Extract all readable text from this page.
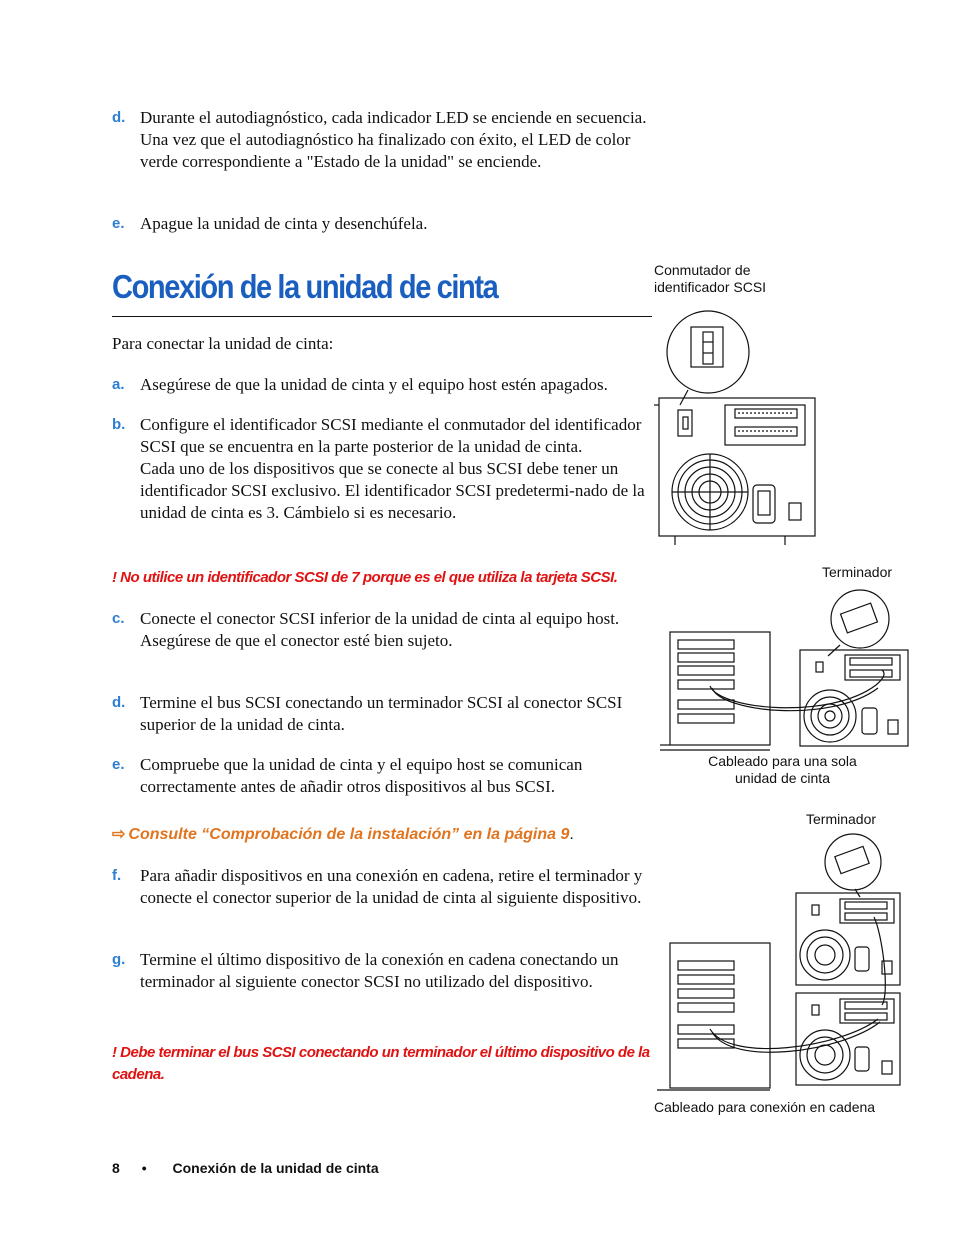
d. Durante el autodiagnóstico, cada indicador LED se enciende en secuencia. Una vez que el autodiagnóstico ha finalizado con éxito, el LED de color verde correspondiente a "Estado de la unidad" se enciende.

e. Apague la unidad de cinta y desenchúfela.

Conexión de la unidad de cinta
Para conectar la unidad de cinta:
a. Asegúrese de que la unidad de cinta y el equipo host estén apagados.

b. Configure el identificador SCSI mediante el conmutador del identificador SCSI que se encuentra en la parte posterior de la unidad de cinta.

Cada uno de los dispositivos que se conecte al bus SCSI debe tener un identificador SCSI exclusivo. El identificador SCSI predetermi-nado de la unidad de cinta es 3. Cámbielo si es necesario.

! No utilice un identificador SCSI de 7 porque es el que utiliza la tarjeta SCSI.
c. Conecte el conector SCSI inferior de la unidad de cinta al equipo host.

Asegúrese de que el conector esté bien sujeto.

d. Termine el bus SCSI conectando un terminador SCSI al conector SCSI superior de la unidad de cinta.

e. Compruebe que la unidad de cinta y el equipo host se comunican correctamente antes de añadir otros dispositivos al bus SCSI.

⇨ Consulte “Comprobación de la instalación” en la página 9.
f. Para añadir dispositivos en una conexión en cadena, retire el terminador y conecte el conector superior de la unidad de cinta al siguiente dispositivo.

g. Termine el último dispositivo de la conexión en cadena conectando un terminador al siguiente conector SCSI no utilizado del dispositivo.

! Debe terminar el bus SCSI conectando un terminador el último dispositivo de la cadena.
Conmutador de identificador SCSI
Terminador
Cableado para una sola unidad de cinta
Terminador
Cableado para conexión en cadena
8 • Conexión de la unidad de cinta
